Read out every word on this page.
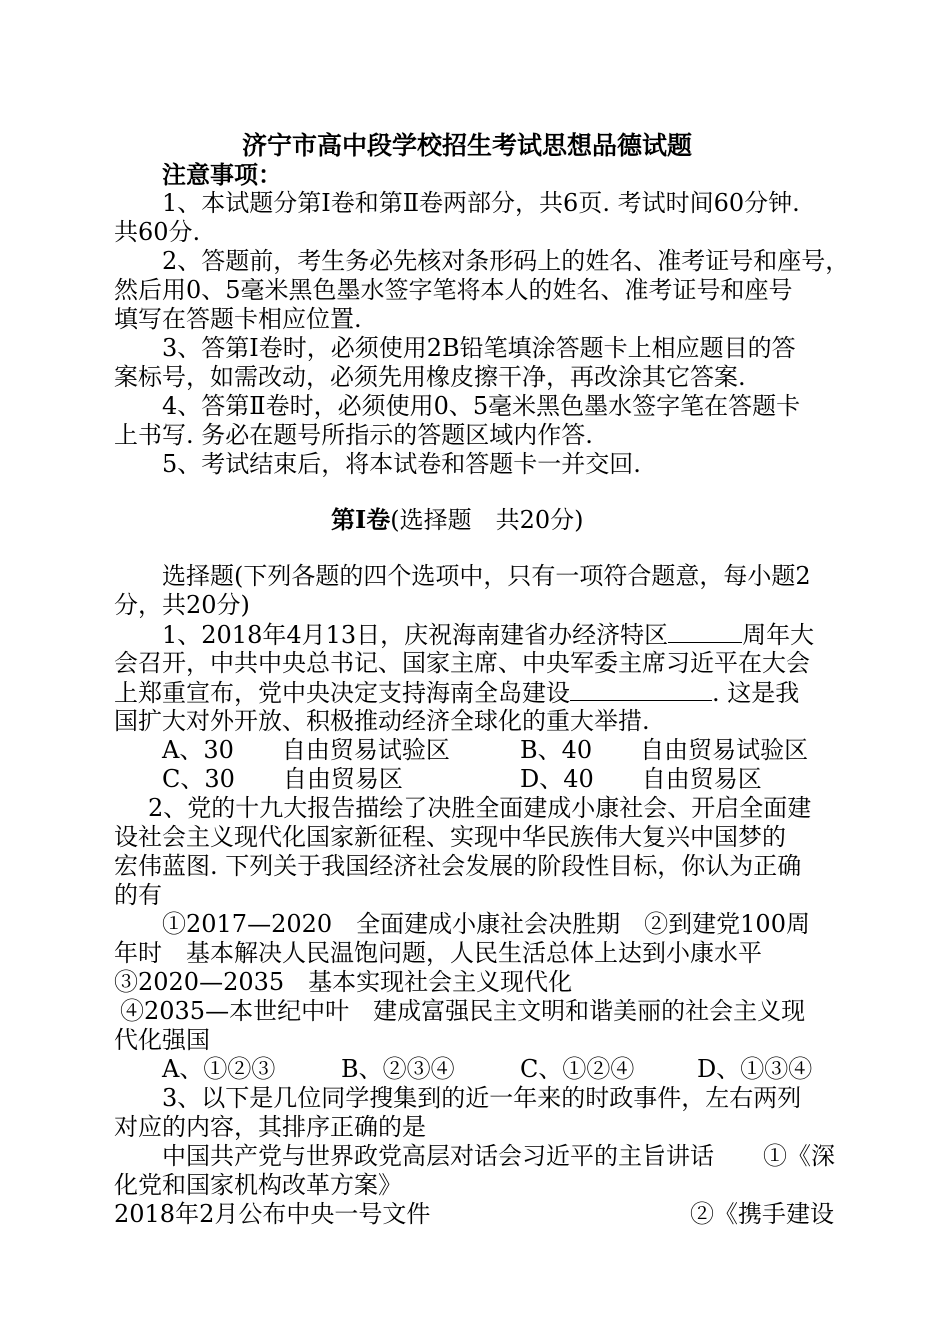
济宁市高中段学校招生考试思想品德试题
注意事项：
1、本试题分第Ⅰ卷和第Ⅱ卷两部分，共6页. 考试时间60分钟.
共60分.
2、答题前，考生务必先核对条形码上的姓名、准考证号和座号，
然后用0、5毫米黑色墨水签字笔将本人的姓名、准考证号和座号
填写在答题卡相应位置.
3、答第Ⅰ卷时，必须使用2B铅笔填涂答题卡上相应题目的答
案标号，如需改动，必须先用橡皮擦干净，再改涂其它答案.
4、答第Ⅱ卷时，必须使用0、5毫米黑色墨水签字笔在答题卡
上书写. 务必在题号所指示的答题区域内作答.
5、考试结束后，将本试卷和答题卡一并交回.
第Ⅰ卷(选择题　共20分)
选择题(下列各题的四个选项中，只有一项符合题意，每小题2
分，共20分)
1、2018年4月13日，庆祝海南建省办经济特区	周年大
会召开，中共中央总书记、国家主席、中央军委主席习近平在大会
上郑重宣布，党中央决定支持海南全岛建设	. 这是我
国扩大对外开放、积极推动经济全球化的重大举措.
A、30　　自由贸易试验区	B、40　　自由贸易试验区
C、30　　自由贸易区	D、40　　自由贸易区
2、党的十九大报告描绘了决胜全面建成小康社会、开启全面建
设社会主义现代化国家新征程、实现中华民族伟大复兴中国梦的
宏伟蓝图. 下列关于我国经济社会发展的阶段性目标，你认为正确
的有
①2017—2020　全面建成小康社会决胜期　②到建党100周
年时　基本解决人民温饱问题，人民生活总体上达到小康水平
③2020—2035　基本实现社会主义现代化
④2035—本世纪中叶　建成富强民主文明和谐美丽的社会主义现
代化强国
A、①②③	B、②③④	C、①②④	D、①③④
3、以下是几位同学搜集到的近一年来的时政事件，左右两列
对应的内容，其排序正确的是
中国共产党与世界政党高层对话会习近平的主旨讲话 ①《深
化党和国家机构改革方案》
2018年2月公布中央一号文件	②《携手建设
